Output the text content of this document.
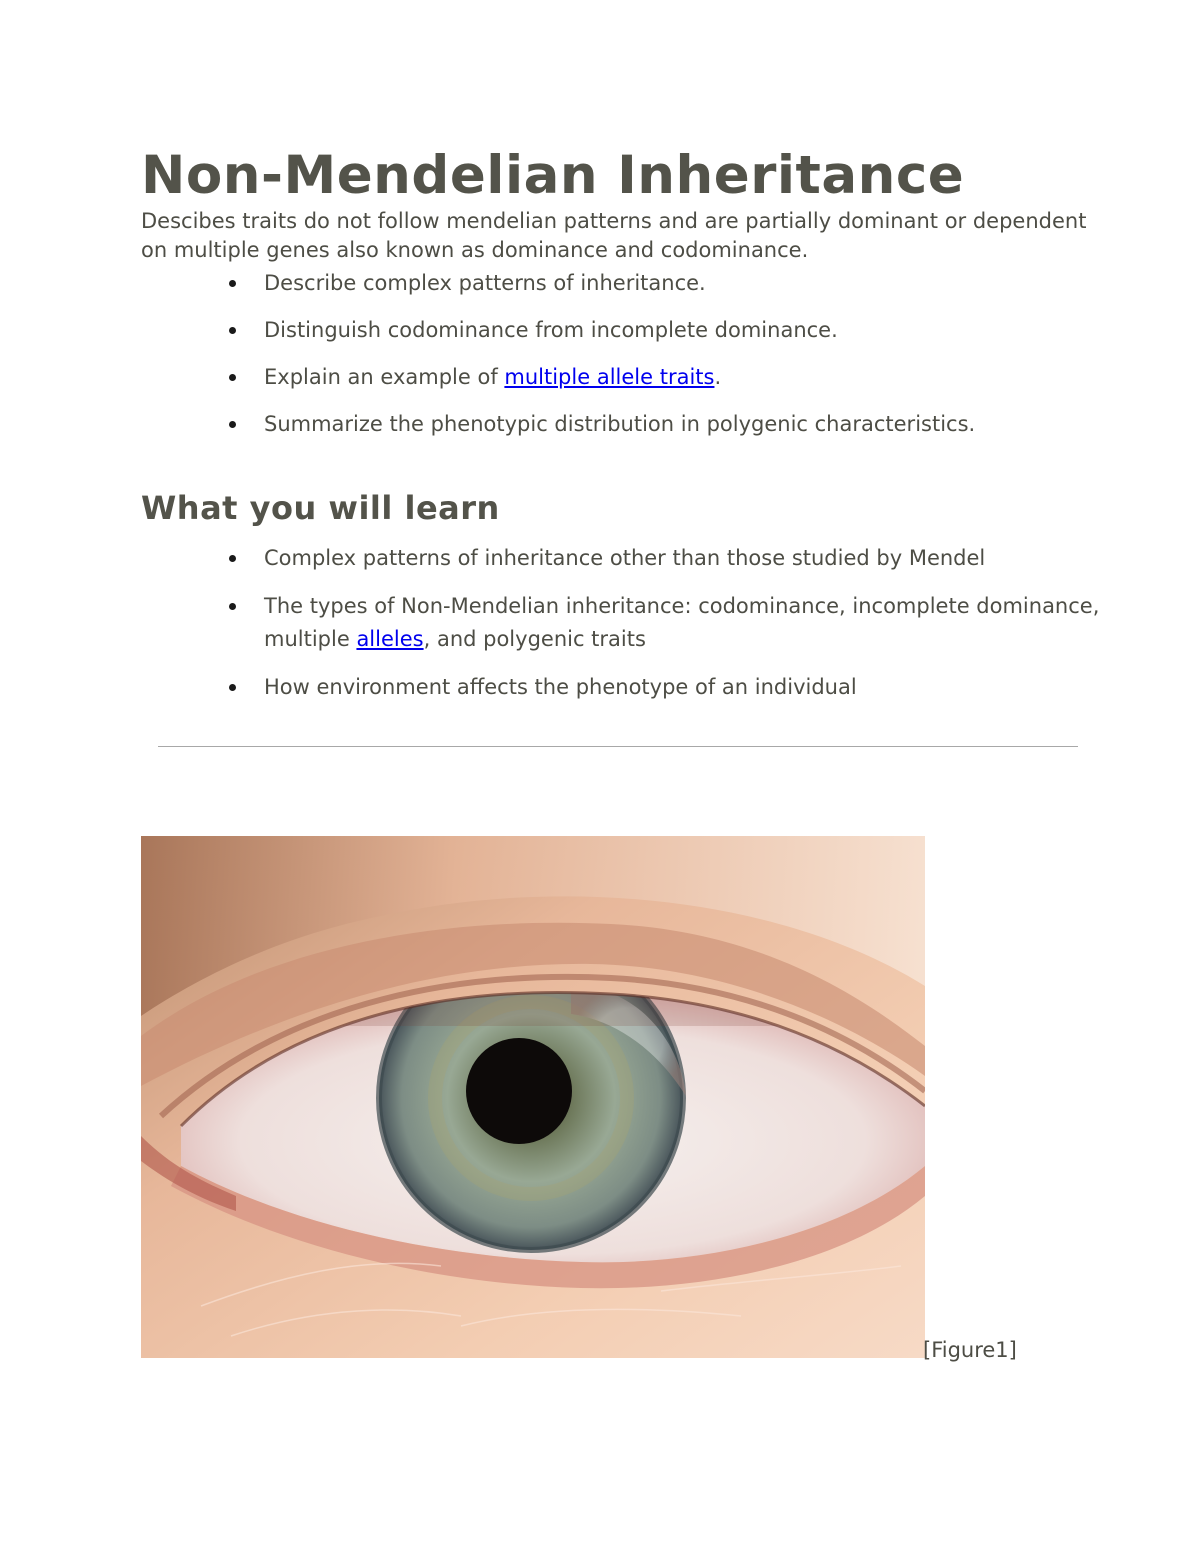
Non-Mendelian Inheritance

Descibes traits do not follow mendelian patterns and are partially dominant or dependent on multiple genes also known as dominance and codominance.

Describe complex patterns of inheritance.
Distinguish codominance from incomplete dominance.
Explain an example of multiple allele traits.
Summarize the phenotypic distribution in polygenic characteristics.
What you will learn
Complex patterns of inheritance other than those studied by Mendel
The types of Non-Mendelian inheritance: codominance, incomplete dominance, multiple alleles, and polygenic traits
How environment affects the phenotype of an individual
[Figure1]
